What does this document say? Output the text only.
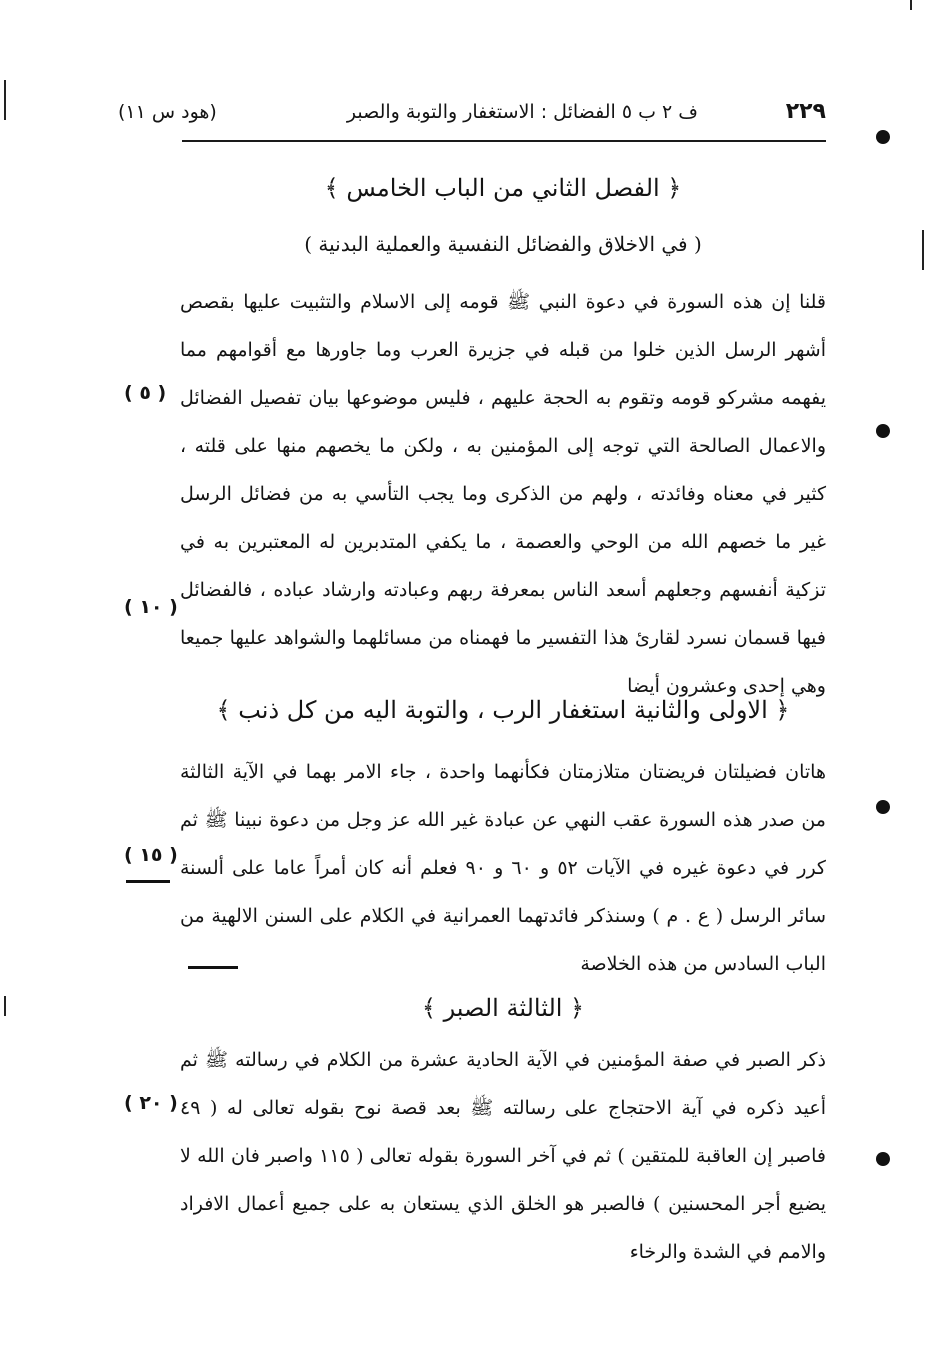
٢٢٩
ف ٢ ب ٥ الفضائل : الاستغفار والتوبة والصبر
(هود س ١١)
﴿ الفصل الثاني من الباب الخامس ﴾
( في الاخلاق والفضائل النفسية والعملية البدنية )

قلنا إن هذه السورة في دعوة النبي ﷺ قومه إلى الاسلام والتثبيت عليها بقصص أشهر الرسل الذين خلوا من قبله في جزيرة العرب وما جاورها مع أقوامهم مما يفهمه مشركو قومه وتقوم به الحجة عليهم ، فليس موضوعها بيان تفصيل الفضائل والاعمال الصالحة التي توجه إلى المؤمنين به ، ولكن ما يخصهم منها على قلته ، كثير في معناه وفائدته ، ولهم من الذكرى وما يجب التأسي به من فضائل الرسل غير ما خصهم الله من الوحي والعصمة ، ما يكفي المتدبرين له المعتبرين به في تزكية أنفسهم وجعلهم أسعد الناس بمعرفة ربهم وعبادته وارشاد عباده ، فالفضائل فيها قسمان نسرد لقارئ هذا التفسير ما فهمناه من مسائلهما والشواهد عليها جميعا وهي إحدى وعشرون أيضا

﴿ الاولى والثانية استغفار الرب ، والتوبة اليه من كل ذنب ﴾

هاتان فضيلتان فريضتان متلازمتان فكأنهما واحدة ، جاء الامر بهما في الآية الثالثة من صدر هذه السورة عقب النهي عن عبادة غير الله عز وجل من دعوة نبينا ﷺ ثم كرر في دعوة غيره في الآيات ٥٢ و ٦٠ و ٩٠ فعلم أنه كان أمراً عاما على ألسنة سائر الرسل ( ع . م ) وسنذكر فائدتهما العمرانية في الكلام على السنن الالهية من الباب السادس من هذه الخلاصة

﴿ الثالثة الصبر ﴾

ذكر الصبر في صفة المؤمنين في الآية الحادية عشرة من الكلام في رسالته ﷺ ثم أعيد ذكره في آية الاحتجاج على رسالته ﷺ بعد قصة نوح بقوله تعالى له ( ٤٩ فاصبر إن العاقبة للمتقين ) ثم في آخر السورة بقوله تعالى ( ١١٥ واصبر فان الله لا يضيع أجر المحسنين ) فالصبر هو الخلق الذي يستعان به على جميع أعمال الافراد والامم في الشدة والرخاء

( ٥ )
( ١٠ )
( ١٥ )
( ٢٠ )
